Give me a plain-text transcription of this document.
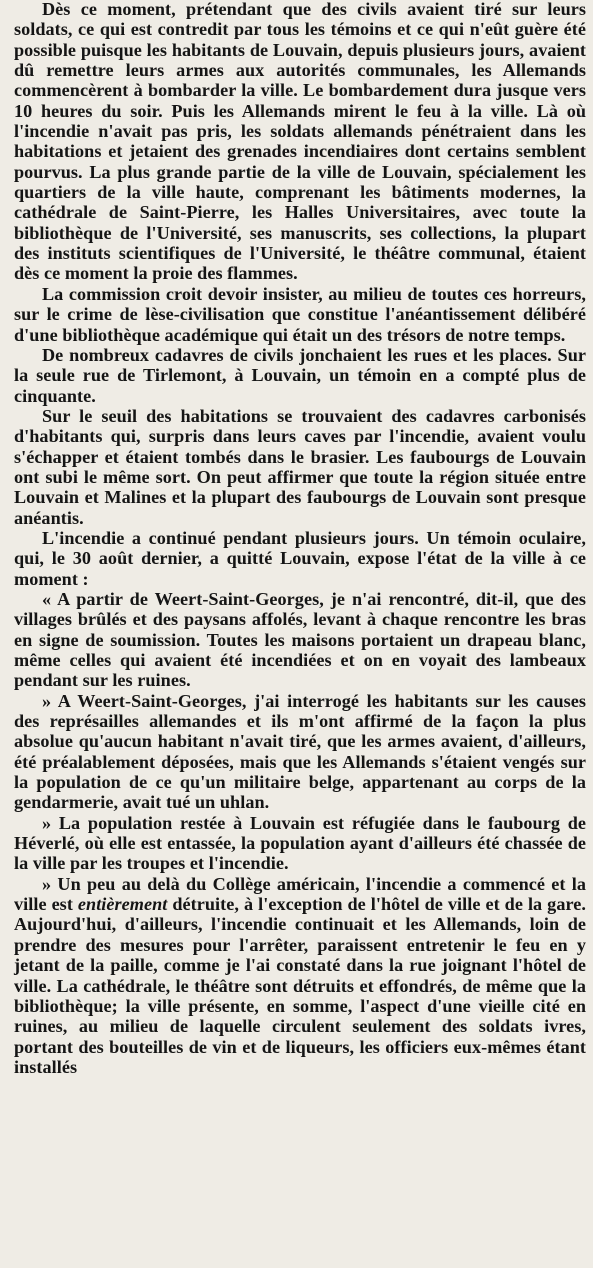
Dès ce moment, prétendant que des civils avaient tiré sur leurs soldats, ce qui est contredit par tous les témoins et ce qui n'eût guère été possible puisque les habitants de Louvain, depuis plusieurs jours, avaient dû remettre leurs armes aux autorités communales, les Allemands commencèrent à bombarder la ville. Le bombardement dura jusque vers 10 heures du soir. Puis les Allemands mirent le feu à la ville. Là où l'incendie n'avait pas pris, les soldats allemands pénétraient dans les habitations et jetaient des grenades incendiaires dont certains semblent pourvus. La plus grande partie de la ville de Louvain, spécialement les quartiers de la ville haute, comprenant les bâtiments modernes, la cathédrale de Saint-Pierre, les Halles Universitaires, avec toute la bibliothèque de l'Université, ses manuscrits, ses collections, la plupart des instituts scientifiques de l'Université, le théâtre communal, étaient dès ce moment la proie des flammes.

La commission croit devoir insister, au milieu de toutes ces horreurs, sur le crime de lèse-civilisation que constitue l'anéantissement délibéré d'une bibliothèque académique qui était un des trésors de notre temps.

De nombreux cadavres de civils jonchaient les rues et les places. Sur la seule rue de Tirlemont, à Louvain, un témoin en a compté plus de cinquante.

Sur le seuil des habitations se trouvaient des cadavres carbonisés d'habitants qui, surpris dans leurs caves par l'incendie, avaient voulu s'échapper et étaient tombés dans le brasier. Les faubourgs de Louvain ont subi le même sort. On peut affirmer que toute la région située entre Louvain et Malines et la plupart des faubourgs de Louvain sont presque anéantis.

L'incendie a continué pendant plusieurs jours. Un témoin oculaire, qui, le 30 août dernier, a quitté Louvain, expose l'état de la ville à ce moment :

« A partir de Weert-Saint-Georges, je n'ai rencontré, dit-il, que des villages brûlés et des paysans affolés, levant à chaque rencontre les bras en signe de soumission. Toutes les maisons portaient un drapeau blanc, même celles qui avaient été incendiées et on en voyait des lambeaux pendant sur les ruines.

» A Weert-Saint-Georges, j'ai interrogé les habitants sur les causes des représailles allemandes et ils m'ont affirmé de la façon la plus absolue qu'aucun habitant n'avait tiré, que les armes avaient, d'ailleurs, été préalablement déposées, mais que les Allemands s'étaient vengés sur la population de ce qu'un militaire belge, appartenant au corps de la gendarmerie, avait tué un uhlan.

» La population restée à Louvain est réfugiée dans le faubourg de Héverlé, où elle est entassée, la population ayant d'ailleurs été chassée de la ville par les troupes et l'incendie.

» Un peu au delà du Collège américain, l'incendie a commencé et la ville est entièrement détruite, à l'exception de l'hôtel de ville et de la gare. Aujourd'hui, d'ailleurs, l'incendie continuait et les Allemands, loin de prendre des mesures pour l'arrêter, paraissent entretenir le feu en y jetant de la paille, comme je l'ai constaté dans la rue joignant l'hôtel de ville. La cathédrale, le théâtre sont détruits et effondrés, de même que la bibliothèque; la ville présente, en somme, l'aspect d'une vieille cité en ruines, au milieu de laquelle circulent seulement des soldats ivres, portant des bouteilles de vin et de liqueurs, les officiers eux-mêmes étant installés
